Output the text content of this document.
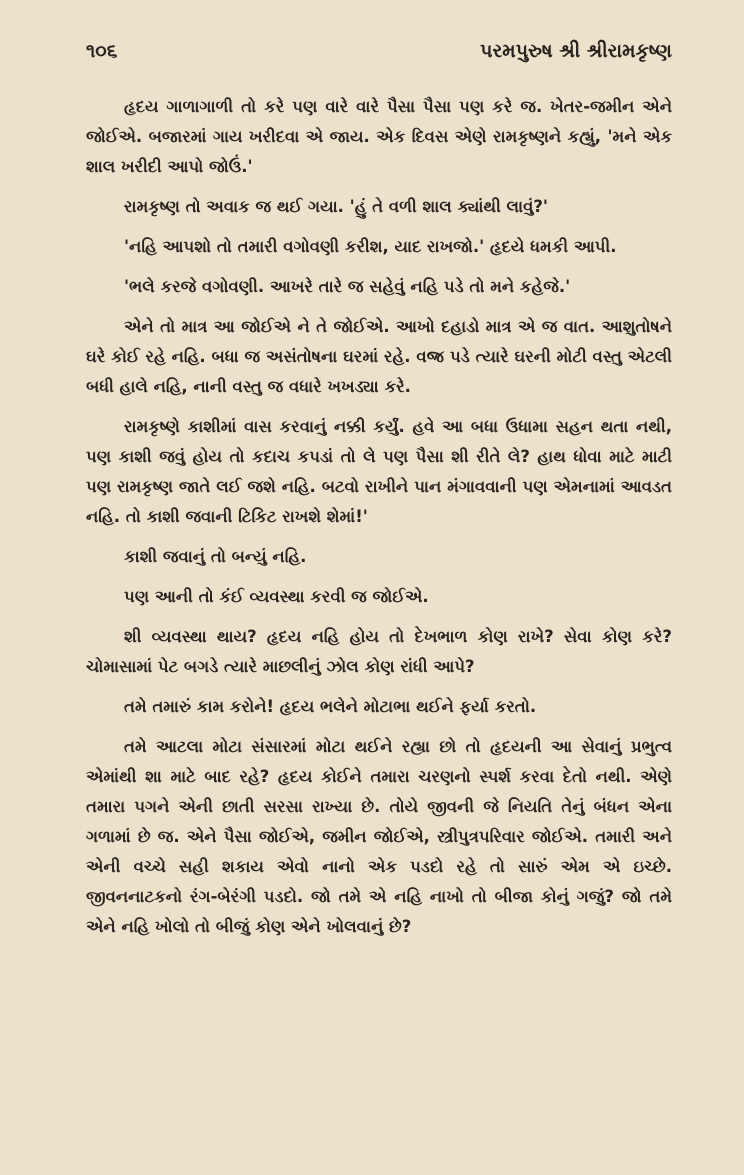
૧૦૬	પરમપુરુષ શ્રી શ્રીરામકૃષ્ણ

હૃદય ગાળાગાળી તો કરે પણ વારે વારે પૈસા પૈસા પણ કરે જ. ખેતર-જમીન એને જોઈએ. બજારમાં ગાય ખરીદવા એ જાય. એક દિવસ એણે રામકૃષ્ણને કહ્યું, 'મને એક શાલ ખરીદી આપો જોઉં.'

રામકૃષ્ણ તો અવાક જ થઈ ગયા. 'હું તે વળી શાલ ક્યાંથી લાવું?'

'નહિ આપશો તો તમારી વગોવણી કરીશ, યાદ રાખજો.' હૃદયે ધમકી આપી.

'ભલે કરજે વગોવણી. આખરે તારે જ સહેવું નહિ પડે તો મને કહેજે.'

એને તો માત્ર આ જોઈએ ને તે જોઈએ. આખો દહાડો માત્ર એ જ વાત. આશુતોષને ઘરે કોઈ રહે નહિ. બધા જ અસંતોષના ઘરમાં રહે. વજ્ર પડે ત્યારે ઘરની મોટી વસ્તુ એટલી બધી હાલે નહિ, નાની વસ્તુ જ વધારે ખખડ્યા કરે.

રામકૃષ્ણે કાશીમાં વાસ કરવાનું નક્કી કર્યું. હવે આ બધા ઉધામા સહન થતા નથી, પણ કાશી જવું હોય તો કદાચ કપડાં તો લે પણ પૈસા શી રીતે લે? હાથ ધોવા માટે માટી પણ રામકૃષ્ણ જાતે લઈ જશે નહિ. બટવો રાખીને પાન મંગાવવાની પણ એમનામાં આવડત નહિ. તો કાશી જવાની ટિકિટ રાખશે શેમાં!'

કાશી જવાનું તો બન્યું નહિ.

પણ આની તો કંઈ વ્યવસ્થા કરવી જ જોઈએ.

શી વ્યવસ્થા થાય? હૃદય નહિ હોય તો દેખભાળ કોણ રાખે? સેવા કોણ કરે? ચોમાસામાં પેટ બગડે ત્યારે માછલીનું ઝોલ કોણ રાંધી આપે?

તમે તમારું કામ કરોને! હૃદય ભલેને મોટાભા થઈને ફર્યા કરતો.

તમે આટલા મોટા સંસારમાં મોટા થઈને રહ્યા છો તો હૃદયની આ સેવાનું પ્રભુત્વ એમાંથી શા માટે બાદ રહે? હૃદય કોઈને તમારા ચરણનો સ્પર્શ કરવા દેતો નથી. એણે તમારા પગને એની છાતી સરસા રાખ્યા છે. તોયે જીવની જે નિયતિ તેનું બંધન એના ગળામાં છે જ. એને પૈસા જોઈએ, જમીન જોઈએ, સ્ત્રીપુત્રપરિવાર જોઈએ. તમારી અને એની વચ્ચે સહી શકાય એવો નાનો એક પડદો રહે તો સારું એમ એ ઇચ્છે. જીવનનાટકનો રંગ-બેરંગી પડદો. જો તમે એ નહિ નાખો તો બીજા કોનું ગજું? જો તમે એને નહિ ખોલો તો બીજું કોણ એને ખોલવાનું છે?
